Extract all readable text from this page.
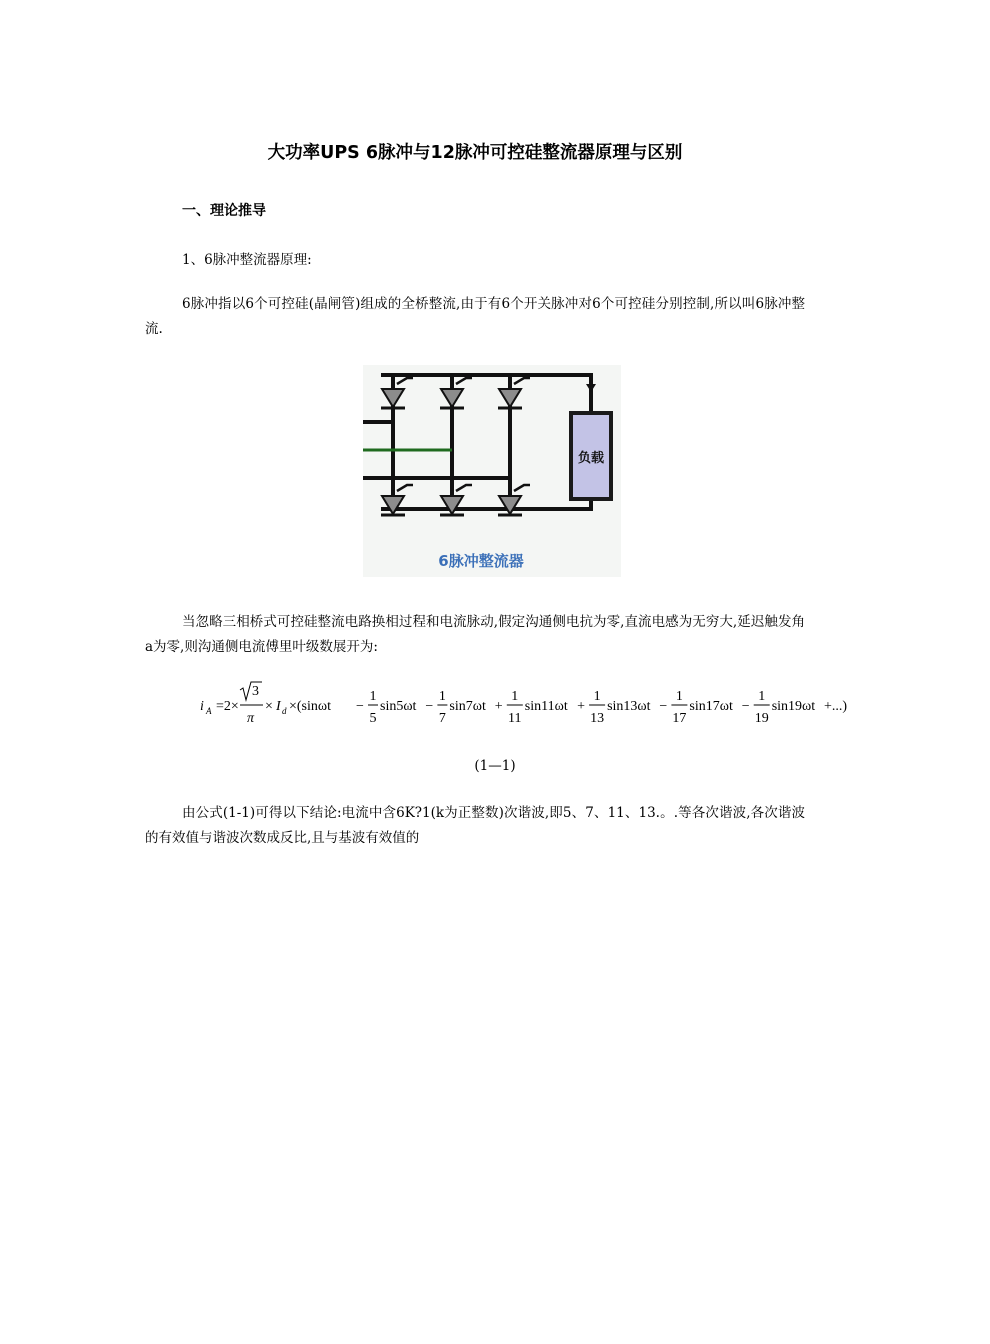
大功率UPS 6脉冲与12脉冲可控硅整流器原理与区别
一、理论推导
1、6脉冲整流器原理:
6脉冲指以6个可控硅(晶闸管)组成的全桥整流,由于有6个开关脉冲对6个可控硅分别控制,所以叫6脉冲整流.
负载
6脉冲整流器
当忽略三相桥式可控硅整流电路换相过程和电流脉动,假定沟通侧电抗为零,直流电感为无穷大,延迟触发角a为零,则沟通侧电流傅里叶级数展开为:
i A =2×
3
π
× I d ×(sinωt −
1
5
sin5ωt −
1
7
sin7ωt +
1
11
sin11ωt +
1
13
sin13ωt −
1
17
sin17ωt −
1
19
sin19ωt +...)
(1—1)
由公式(1-1)可得以下结论:电流中含6K?1(k为正整数)次谐波,即5、7、11、13.。.等各次谐波,各次谐波的有效值与谐波次数成反比,且与基波有效值的
